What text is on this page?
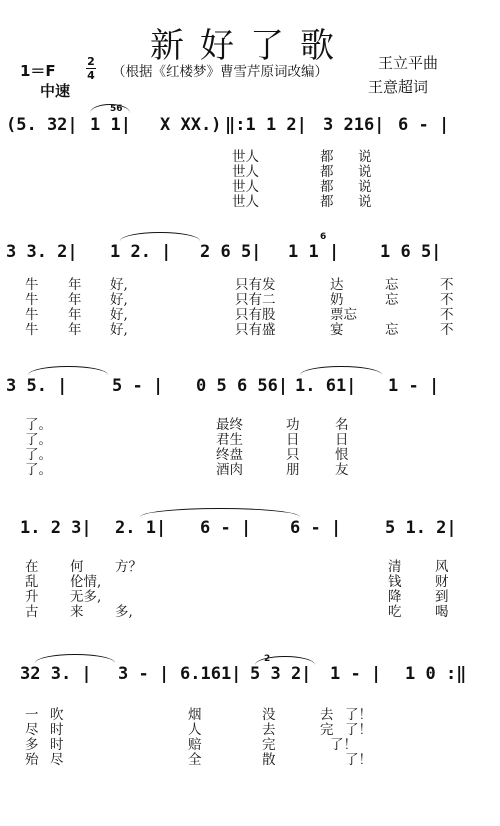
新好了歌
1＝F
2
4 （根据《红楼梦》曹雪芹原词改编）
中速
王立平曲
王意超词
(5. 32| 1 1| X XX.) ‖:1 1 2| 3 216| 6 - |
56
世人	都 说
世人	都 说
世人	都 说
世人	都 说
3 3. 2| 1 2. | 2 6 5| 1 1 | 1 6 5|
6
牛 年 好,	只有发	达	忘	不
牛 年 好,	只有二	奶	忘	不
牛 年 好,	只有股	票忘	不
牛 年 好,	只有盛	宴	忘	不
3 5. |	5 - | 0 5 6 56| 1. 61| 1 - |
了。	最终	功	名
了。	君生	日	日
了。	终盘	只	恨
了。	酒肉	朋	友
1. 2 3| 2. 1| 6 - | 6 - |	5 1. 2|
在 何 方？	清 风
乱 伦情,	钱 财
升 无多,	降 到
古 来 多,	吃 喝
32 3. | 3 - | 6.161| 5 3 2| 1 - | 1 0 :‖
2
一 吹	烟	没	去 了！
尽 时	人	去	完 了！
多 时	赔	完	了！
殆 尽	全	散	了！
